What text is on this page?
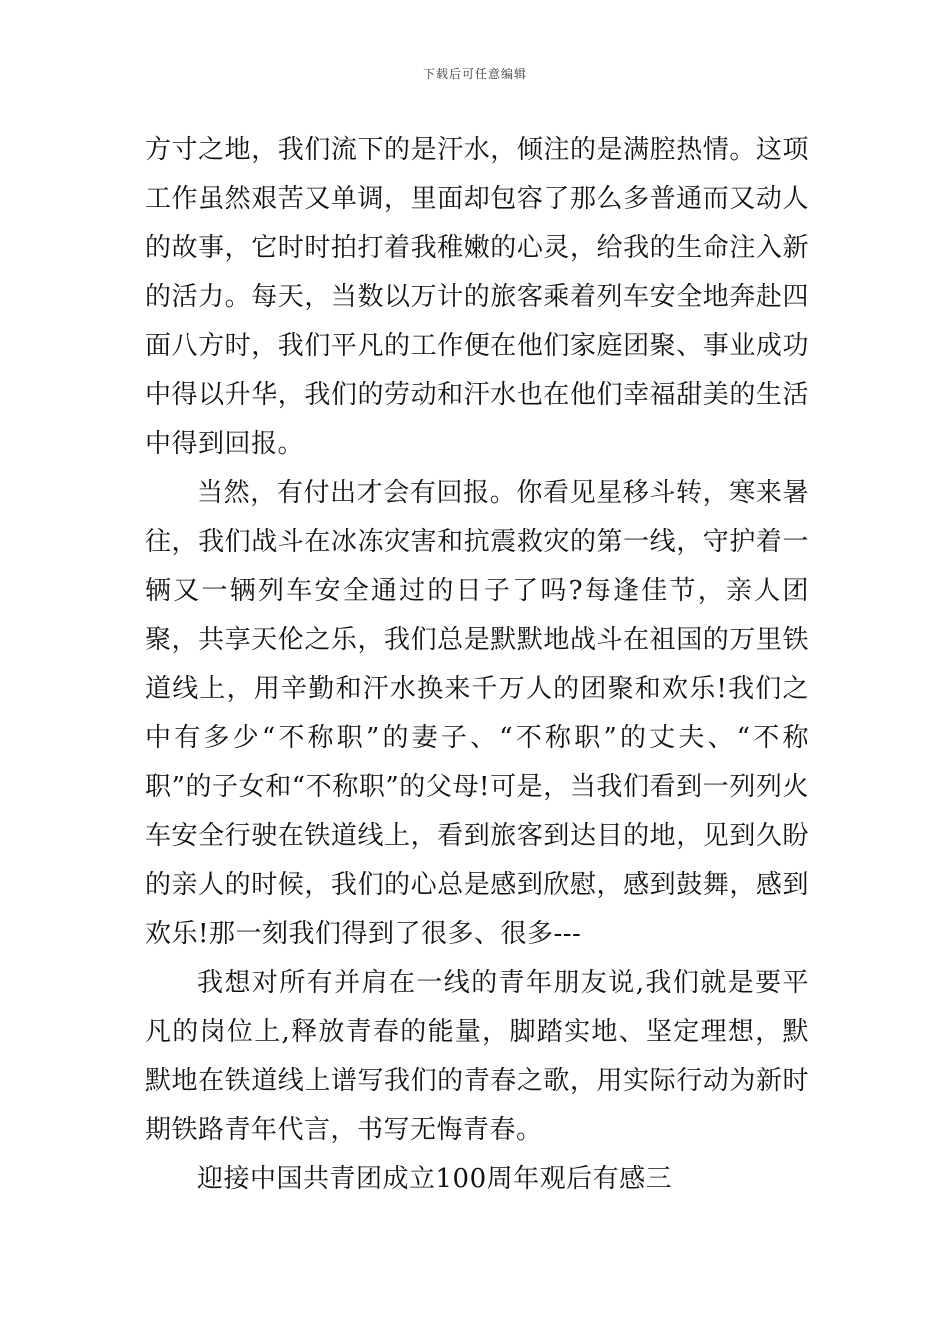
下载后可任意编辑

方寸之地，我们流下的是汗水，倾注的是满腔热情。这项工作虽然艰苦又单调，里面却包容了那么多普通而又动人的故事，它时时拍打着我稚嫩的心灵，给我的生命注入新的活力。每天，当数以万计的旅客乘着列车安全地奔赴四面八方时，我们平凡的工作便在他们家庭团聚、事业成功中得以升华，我们的劳动和汗水也在他们幸福甜美的生活中得到回报。

当然，有付出才会有回报。你看见星移斗转，寒来暑往，我们战斗在冰冻灾害和抗震救灾的第一线，守护着一辆又一辆列车安全通过的日子了吗?每逢佳节，亲人团聚，共享天伦之乐，我们总是默默地战斗在祖国的万里铁道线上，用辛勤和汗水换来千万人的团聚和欢乐!我们之中有多少“不称职”的妻子、“不称职”的丈夫、“不称职”的子女和“不称职”的父母!可是，当我们看到一列列火车安全行驶在铁道线上，看到旅客到达目的地，见到久盼的亲人的时候，我们的心总是感到欣慰，感到鼓舞，感到欢乐!那一刻我们得到了很多、很多---

我想对所有并肩在一线的青年朋友说,我们就是要平凡的岗位上,释放青春的能量，脚踏实地、坚定理想，默默地在铁道线上谱写我们的青春之歌，用实际行动为新时期铁路青年代言，书写无悔青春。

迎接中国共青团成立100周年观后有感三
